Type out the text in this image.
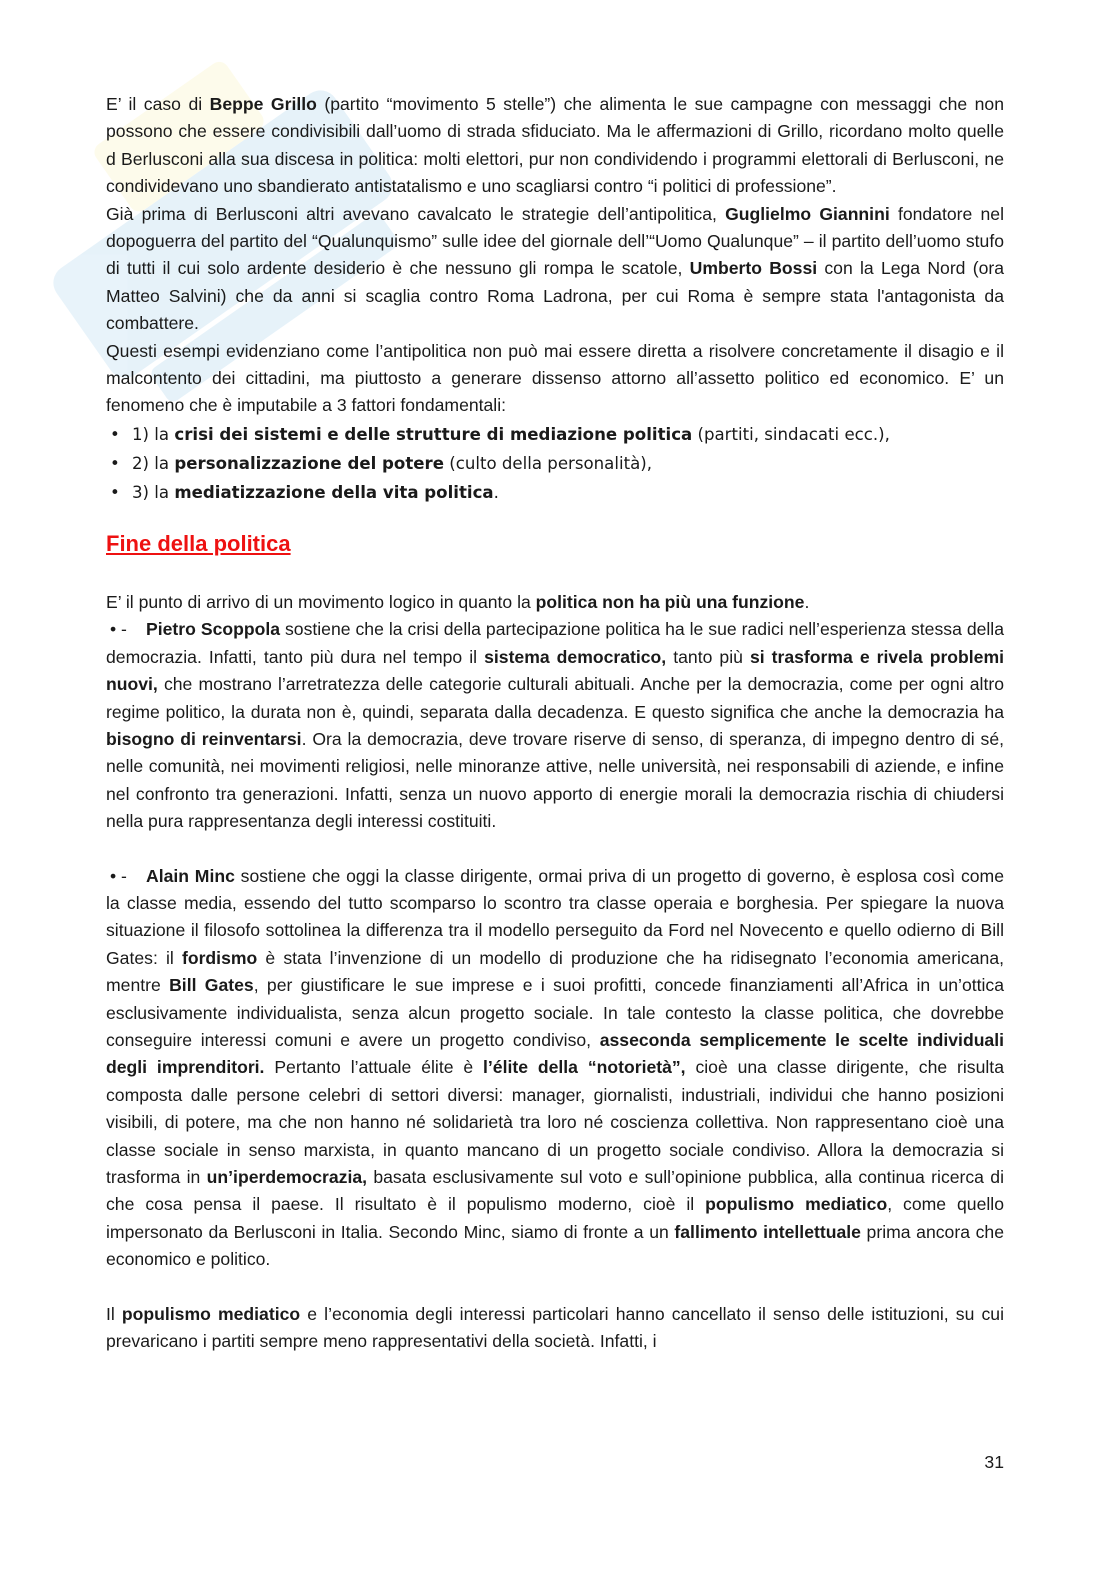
E’ il caso di Beppe Grillo (partito “movimento 5 stelle”) che alimenta le sue campagne con messaggi che non possono che essere condivisibili dall’uomo di strada sfiduciato. Ma le affermazioni di Grillo, ricordano molto quelle d Berlusconi alla sua discesa in politica: molti elettori, pur non condividendo i programmi elettorali di Berlusconi, ne condividevano uno sbandierato antistatalismo e uno scagliarsi contro “i politici di professione”.

Già prima di Berlusconi altri avevano cavalcato le strategie dell’antipolitica, Guglielmo Giannini fondatore nel dopoguerra del partito del “Qualunquismo” sulle idee del giornale dell’“Uomo Qualunque” – il partito dell’uomo stufo di tutti il cui solo ardente desiderio è che nessuno gli rompa le scatole, Umberto Bossi con la Lega Nord (ora Matteo Salvini) che da anni si scaglia contro Roma Ladrona, per cui Roma è sempre stata l'antagonista da combattere.

Questi esempi evidenziano come l’antipolitica non può mai essere diretta a risolvere concretamente il disagio e il malcontento dei cittadini, ma piuttosto a generare dissenso attorno all’assetto politico ed economico. E’ un fenomeno che è imputabile a 3 fattori fondamentali:

• 1) la crisi dei sistemi e delle strutture di mediazione politica (partiti, sindacati ecc.),
• 2) la personalizzazione del potere (culto della personalità),
• 3) la mediatizzazione della vita politica.
Fine della politica

E’ il punto di arrivo di un movimento logico in quanto la politica non ha più una funzione.

• - Pietro Scoppola sostiene che la crisi della partecipazione politica ha le sue radici nell’esperienza stessa della democrazia. Infatti, tanto più dura nel tempo il sistema democratico, tanto più si trasforma e rivela problemi nuovi, che mostrano l’arretratezza delle categorie culturali abituali. Anche per la democrazia, come per ogni altro regime politico, la durata non è, quindi, separata dalla decadenza. E questo significa che anche la democrazia ha bisogno di reinventarsi. Ora la democrazia, deve trovare riserve di senso, di speranza, di impegno dentro di sé, nelle comunità, nei movimenti religiosi, nelle minoranze attive, nelle università, nei responsabili di aziende, e infine nel confronto tra generazioni. Infatti, senza un nuovo apporto di energie morali la democrazia rischia di chiudersi nella pura rappresentanza degli interessi costituiti.

• - Alain Minc sostiene che oggi la classe dirigente, ormai priva di un progetto di governo, è esplosa così come la classe media, essendo del tutto scomparso lo scontro tra classe operaia e borghesia. Per spiegare la nuova situazione il filosofo sottolinea la differenza tra il modello perseguito da Ford nel Novecento e quello odierno di Bill Gates: il fordismo è stata l’invenzione di un modello di produzione che ha ridisegnato l’economia americana, mentre Bill Gates, per giustificare le sue imprese e i suoi profitti, concede finanziamenti all’Africa in un’ottica esclusivamente individualista, senza alcun progetto sociale. In tale contesto la classe politica, che dovrebbe conseguire interessi comuni e avere un progetto condiviso, asseconda semplicemente le scelte individuali degli imprenditori. Pertanto l’attuale élite è l’élite della “notorietà”, cioè una classe dirigente, che risulta composta dalle persone celebri di settori diversi: manager, giornalisti, industriali, individui che hanno posizioni visibili, di potere, ma che non hanno né solidarietà tra loro né coscienza collettiva. Non rappresentano cioè una classe sociale in senso marxista, in quanto mancano di un progetto sociale condiviso. Allora la democrazia si trasforma in un’iperdemocrazia, basata esclusivamente sul voto e sull’opinione pubblica, alla continua ricerca di che cosa pensa il paese. Il risultato è il populismo moderno, cioè il populismo mediatico, come quello impersonato da Berlusconi in Italia. Secondo Minc, siamo di fronte a un fallimento intellettuale prima ancora che economico e politico.

Il populismo mediatico e l’economia degli interessi particolari hanno cancellato il senso delle istituzioni, su cui prevaricano i partiti sempre meno rappresentativi della società. Infatti, i

31
